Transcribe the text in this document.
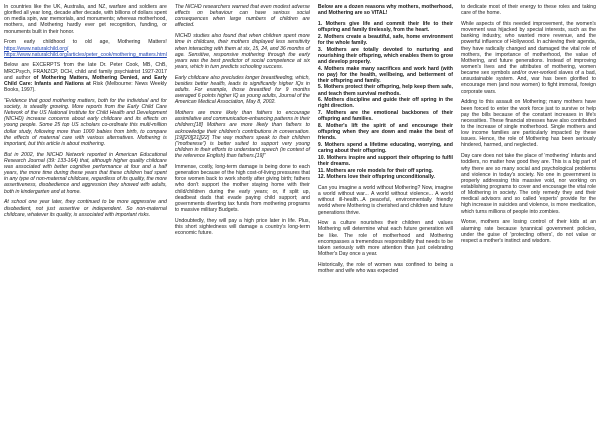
In countries like the UK, Australia, and NZ, warfare and soldiers are glorified all year long, decade after decade, with billions of dollars spent on media spin, war memorials, and monuments; whereas motherhood, mothers, and Mothering hardly ever get recognition, funding, or monuments built in their honor.

From early childhood to old age, Mothering Matters! https://www.naturalchild.org/
https://www.naturalchild.org/articles/peter_cook/mothering_matters.html

Below are EXCERPTS from the late Dr. Peter Cook, MB, ChB, MRCPsych, FRANZCP, DCH, child and family psychiatrist 1927-2017 and author of Mothering Matters, Mothering Denied, and Early Child Care: Infants and Nations at Risk (Melbourne: News Weekly Books, 1997).

“Evidence that good mothering matters, both for the individual and for society, is steadily growing. More reports from the Early Child Care Network of the US National Institute for Child Health and Development (NICHD) increase concerns about early childcare and its effects on young people. Some 25 top US scholars co-ordinate this multi-million dollar study, following more than 1000 babies from birth, to compare the effects of maternal care with various alternatives. Mothering is important, but this article is about mothering.

But in 2002, the NICHD Network reported in American Educational Research Journal (39: 133-164) that, although higher quality childcare was associated with better cognitive performance at four and a half years, the more time during these years that these children had spent in any type of non-maternal childcare, regardless of its quality, the more assertiveness, disobedience and aggression they showed with adults, both in kindergarten and at home.

At school one year later, they continued to be more aggressive and disobedient, not just assertive or independent. So non-maternal childcare, whatever its quality, is associated with important risks.

The NICHD researchers warned that even modest adverse effects on behaviour can have serious social consequences when large numbers of children are affected.

NICHD studies also found that when children spent more time in childcare, their mothers displayed less sensitivity when interacting with them at six, 15, 24, and 36 months of age. Sensitive, responsive mothering through the early years was the best predictor of social competence at six years, which in turn predicts schooling success.

Early childcare also precludes longer breastfeeding, which, besides better health, leads to significantly higher IQs in adults. For example, those breastfed for 9 months averaged 6 points higher IQ as young adults, Journal of the American Medical Association, May 8, 2002.

Mothers are more likely than fathers to encourage assimilative and communication-enhancing patterns in their children;[18] Mothers are more likely than fathers to acknowledge their children's contributions in conversation.[19][20][21][22] The way mothers speak to their children (“motherese”) is better suited to support very young children in their efforts to understand speech (in context of the reference English) than fathers.[19]”

Immense, costly, long-term damage is being done to each generation because of the high cost-of-living pressures that force women back to work shortly after giving birth; fathers who don't support the mother staying home with their child/children during the early years; or, if split up, deadbeat dads that evade paying child support; and governments diverting tax funds from mothering programs to massive military Budgets.

Undoubtedly, they will pay a high price later in life. Plus, this short sightedness will damage a country's long-term economic future.

Below are a dozen reasons why mothers, motherhood, and Mothering are so VITAL!

1. Mothers give life and commit their life to their offspring and family tirelessly, from the heart.
2. Mothers create a beautiful, safe, home environment for the whole family.
3. Mothers are totally devoted to nurturing and nourishing their offspring, which enables them to grow and develop properly.
4. Mothers make many sacrifices and work hard (with no pay) for the health, wellbeing, and betterment of their offspring and family.
5. Mothers protect their offspring, help keep them safe, and teach them survival methods.
6. Mothers discipline and guide their off spring in the right direction.
7. Mothers are the emotional backbones of their offspring and families.
8. Mother's lift the spirit of and encourage their offspring when they are down and make the best of friends.
9. Mothers spend a lifetime educating, worrying, and caring about their offspring.
10. Mothers inspire and support their offspring to fulfil their dreams.
11. Mothers are role models for their off spring.
12. Mothers love their offspring unconditionally.

Can you imagine a world without Mothering? Now, imagine a world without war... A world without violence... A world without ill-health...A peaceful, environmentally friendly world where Mothering is cherished and children and future generations thrive.

How a culture nourishes their children and values Mothering will determine what each future generation will be like. The role of motherhood and Mothering encompasses a tremendous responsibility that needs to be taken seriously with more attention than just celebrating Mother's Day once a year.

Historically, the role of women was confined to being a mother and wife who was expected

to dedicate most of their energy to these roles and taking care of the home.

While aspects of this needed improvement, the women's movement was hijacked by special interests, such as the banking industry, who wanted more revenue, and the powerful influence of Hollywood. In achieving their agenda, they have radically changed and damaged the vital role of mothers, the importance of motherhood, the value of Mothering, and future generations. Instead of improving women's lives and the attributes of mothering, women became sex symbols and/or over-worked slaves of a bad, unsustainable system. And, war has been glorified to encourage men (and now women) to fight immoral, foreign corporate wars.

Adding to this assault on Mothering; many mothers have been forced to enter the work force just to survive or help pay the bills because of the constant increases in life's necessities. These financial stresses have also contributed to the increase of single motherhood. Single mothers and low income families are particularly impacted by these issues. Hence, the role of Mothering has been seriously hindered, harmed, and neglected.

Day care does not take the place of ‘mothering’ infants and toddlers, no matter how good they are. This is a big part of why there are so many social and psychological problems and violence in today's society. No one in government is properly addressing this massive void, nor working on establishing programs to cover and encourage the vital role of Mothering in society. The only remedy they and their medical advisors and so called 'experts' provide for the high increase in suicides and violence, is more medication, which turns millions of people into zombies.

Worse, mothers are losing control of their kids at an alarming rate because tyrannical government policies, under the guise of 'protecting others', do not value or respect a mother's instinct and wisdom.
